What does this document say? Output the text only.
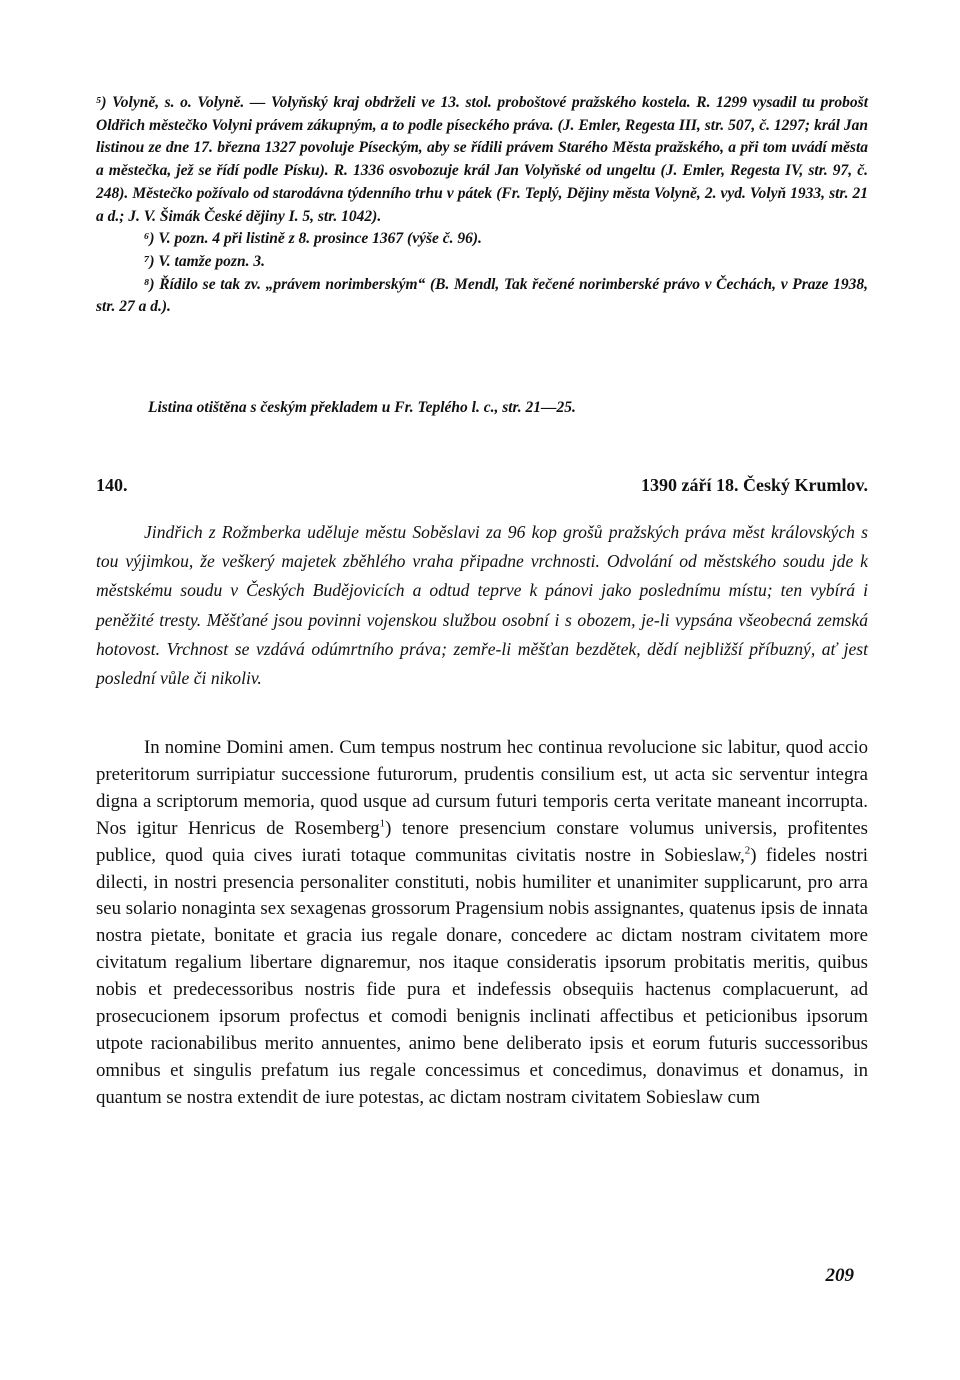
⁵) Volyně, s. o. Volyně. — Volyňský kraj obdrželi ve 13. stol. proboštové pražského kostela. R. 1299 vysadil tu probošt Oldřich městečko Volyni právem zákupným, a to podle píseckého práva. (J. Emler, Regesta III, str. 507, č. 1297; král Jan listinou ze dne 17. března 1327 povoluje Píseckým, aby se řídili právem Starého Města pražského, a při tom uvádí města a městečka, jež se řídí podle Písku). R. 1336 osvobozuje král Jan Volyňské od ungeltu (J. Emler, Regesta IV, str. 97, č. 248). Městečko požívalo od starodávna týdenního trhu v pátek (Fr. Teplý, Dějiny města Volyně, 2. vyd. Volyň 1933, str. 21 a d.; J. V. Šimák České dějiny I. 5, str. 1042).

⁶) V. pozn. 4 při listině z 8. prosince 1367 (výše č. 96).

⁷) V. tamže pozn. 3.

⁸) Řídilo se tak zv. „právem norimberským“ (B. Mendl, Tak řečené norimberské právo v Čechách, v Praze 1938, str. 27 a d.).

Listina otištěna s českým překladem u Fr. Teplého l. c., str. 21—25.
140.	1390 září 18. Český Krumlov.
Jindřich z Rožmberka uděluje městu Soběslavi za 96 kop grošů pražských práva měst královských s tou výjimkou, že veškerý majetek zběhlého vraha připadne vrchnosti. Odvolání od městského soudu jde k městskému soudu v Českých Budějovicích a odtud teprve k pánovi jako poslednímu místu; ten vybírá i peněžité tresty. Měšťané jsou povinni vojenskou službou osobní i s obozem, je-li vypsána všeobecná zemská hotovost. Vrchnost se vzdává odúmrtního práva; zemře-li měšťan bezdětek, dědí nejbližší příbuzný, ať jest poslední vůle či nikoliv.
In nomine Domini amen. Cum tempus nostrum hec continua revolucione sic labitur, quod accio preteritorum surripiatur successione futurorum, prudentis consilium est, ut acta sic serventur integra digna a scriptorum memoria, quod usque ad cursum futuri temporis certa veritate maneant incorrupta. Nos igitur Henricus de Rosemberg$^1$) tenore presencium constare volumus universis, profitentes publice, quod quia cives iurati totaque communitas civitatis nostre in Sobieslaw,$^2$) fideles nostri dilecti, in nostri presencia personaliter constituti, nobis humiliter et unanimiter supplicarunt, pro arra seu solario nonaginta sex sexagenas grossorum Pragensium nobis assignantes, quatenus ipsis de innata nostra pietate, bonitate et gracia ius regale donare, concedere ac dictam nostram civitatem more civitatum regalium libertare dignaremur, nos itaque consideratis ipsorum probitatis meritis, quibus nobis et predecessoribus nostris fide pura et indefessis obsequiis hactenus complacuerunt, ad prosecucionem ipsorum profectus et comodi benignis inclinati affectibus et peticionibus ipsorum utpote racionabilibus merito annuentes, animo bene deliberato ipsis et eorum futuris successoribus omnibus et singulis prefatum ius regale concessimus et concedimus, donavimus et donamus, in quantum se nostra extendit de iure potestas, ac dictam nostram civitatem Sobieslaw cum
209
